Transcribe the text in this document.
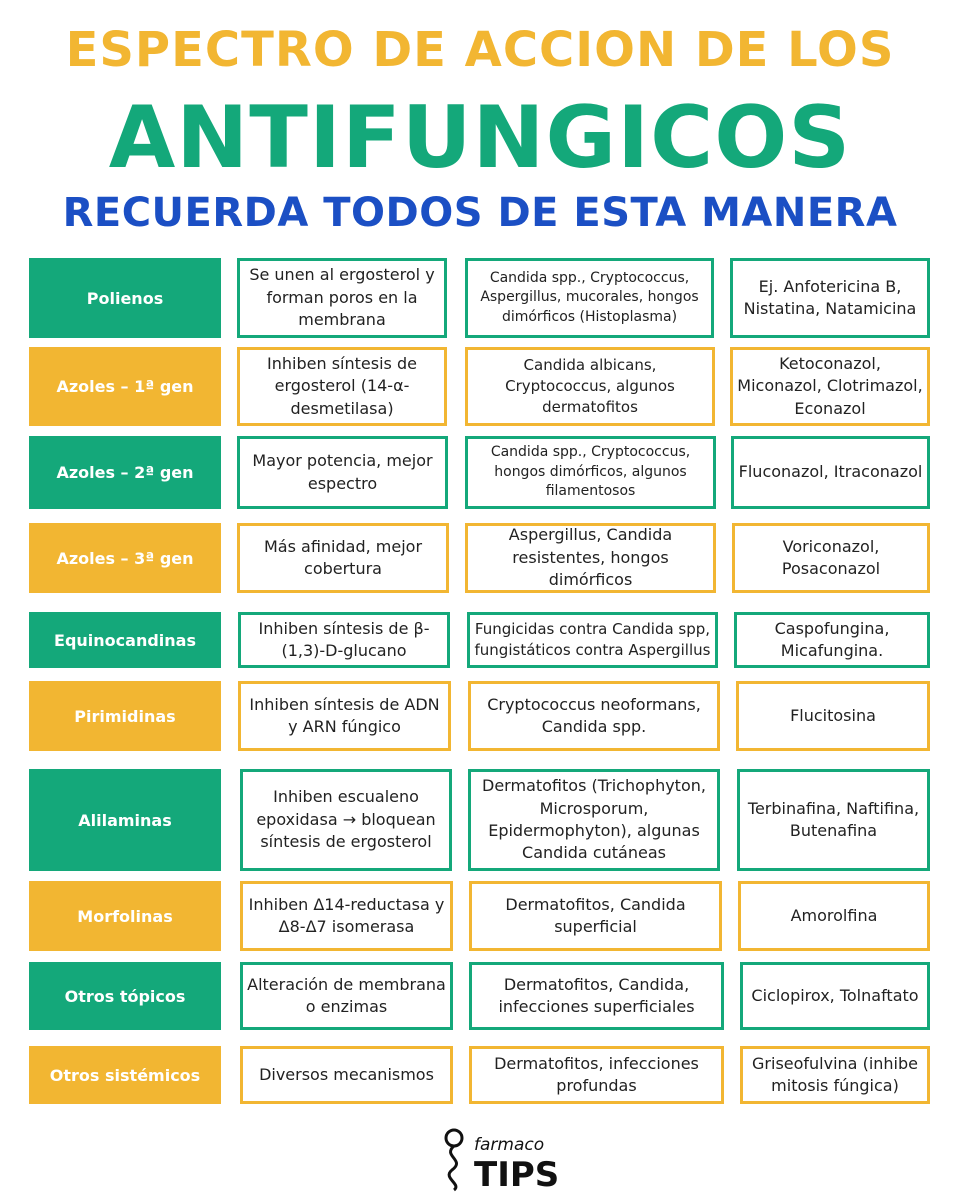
ESPECTRO DE ACCION DE LOS
ANTIFUNGICOS
RECUERDA TODOS DE ESTA MANERA
Polienos
Se unen al ergosterol y forman poros en la membrana
Candida spp., Cryptococcus, Aspergillus, mucorales, hongos dimórficos (Histoplasma)
Ej. Anfotericina B, Nistatina, Natamicina
Azoles – 1ª gen
Inhiben síntesis de ergosterol (14-α-desmetilasa)
Candida albicans, Cryptococcus, algunos dermatofitos
Ketoconazol, Miconazol, Clotrimazol, Econazol
Azoles – 2ª gen
Mayor potencia, mejor espectro
Candida spp., Cryptococcus, hongos dimórficos, algunos filamentosos
Fluconazol, Itraconazol
Azoles – 3ª gen
Más afinidad, mejor cobertura
Aspergillus, Candida resistentes, hongos dimórficos
Voriconazol, Posaconazol
Equinocandinas
Inhiben síntesis de β-(1,3)-D-glucano
Fungicidas contra Candida spp, fungistáticos contra Aspergillus
Caspofungina, Micafungina.
Pirimidinas
Inhiben síntesis de ADN y ARN fúngico
Cryptococcus neoformans, Candida spp.
Flucitosina
Alilaminas
Inhiben escualeno epoxidasa → bloquean síntesis de ergosterol
Dermatofitos (Trichophyton, Microsporum, Epidermophyton), algunas Candida cutáneas
Terbinafina, Naftifina, Butenafina
Morfolinas
Inhiben Δ14-reductasa y Δ8-Δ7 isomerasa
Dermatofitos, Candida superficial
Amorolfina
Otros tópicos
Alteración de membrana o enzimas
Dermatofitos, Candida, infecciones superficiales
Ciclopirox, Tolnaftato
Otros sistémicos	Diversos mecanismos
Dermatofitos, infecciones profundas
Griseofulvina (inhibe mitosis fúngica)
farmaco
TIPS
